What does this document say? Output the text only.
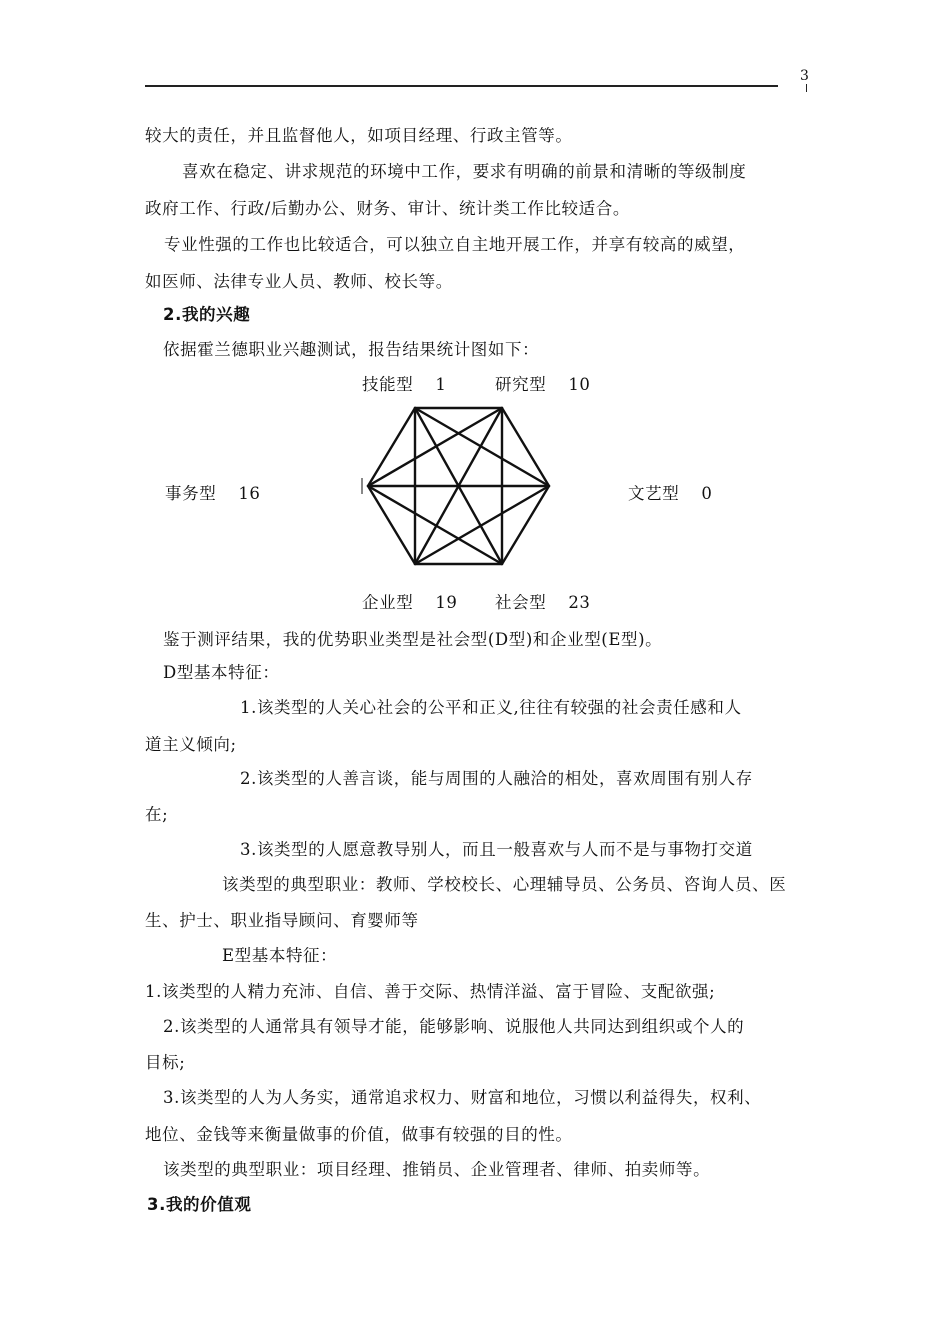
3
较大的责任，并且监督他人，如项目经理、行政主管等。
喜欢在稳定、讲求规范的环境中工作，要求有明确的前景和清晰的等级制度
政府工作、行政/后勤办公、财务、审计、统计类工作比较适合。
专业性强的工作也比较适合，可以独立自主地开展工作，并享有较高的威望，
如医师、法律专业人员、教师、校长等。
2.我的兴趣
依据霍兰德职业兴趣测试，报告结果统计图如下：
技能型 1	研究型 10
事务型 16	文艺型 0
企业型 19 社会型 23
鉴于测评结果，我的优势职业类型是社会型(D型)和企业型(E型)。
D型基本特征：
1.该类型的人关心社会的公平和正义,往往有较强的社会责任感和人
道主义倾向;
2.该类型的人善言谈，能与周围的人融洽的相处，喜欢周围有别人存
在;
3.该类型的人愿意教导别人，而且一般喜欢与人而不是与事物打交道
该类型的典型职业：教师、学校校长、心理辅导员、公务员、咨询人员、医
生、护士、职业指导顾问、育婴师等
E型基本特征：
1.该类型的人精力充沛、自信、善于交际、热情洋溢、富于冒险、支配欲强;
2.该类型的人通常具有领导才能，能够影响、说服他人共同达到组织或个人的
目标;
3.该类型的人为人务实，通常追求权力、财富和地位，习惯以利益得失，权利、
地位、金钱等来衡量做事的价值，做事有较强的目的性。
该类型的典型职业：项目经理、推销员、企业管理者、律师、拍卖师等。
3.我的价值观
